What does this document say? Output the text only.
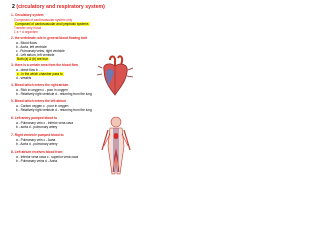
2 (circulatory and respiratory system)
1- Circulatory system
Composed of cardiovascular system only
Composed of cardiovascular and lymphatic systems
Transfer only blood
1 a + d organism
2- the vertebrate role in general blood flowing trait
a - Blood flows
b - Aorta, left ventricle
c - Pulmonary veins, right ventricle
d - Left atrium, left ventricle
Both (a) & (b) are true
3- there is a certain area from the blood flow
a - direct flow b - ...
c - in the which chamber pass to
d - vessels
4- Blood which enters the right atrium
a - Rich in oxygen c - poor in oxygen
b - Relatively right ventricle d - returning from the lung
5- Blood which enters the left atrium
a - Carbon oxygen c - poor in oxygen
b - Relatively right ventricle d - returning from the lung
6- Left artery pumped blood to
a - Pulmonary vein c - inferior vena cava
b - aorta d - pulmonary artery
7- Right ventricle pumped blood to
a - Pulmonary vein c - Aorta
b - Aorta d - pulmonary artery
8- Left atrium receives blood from
a - Inferior vena cava c - superior vena cava
b - Pulmonary veins d - Aorta
